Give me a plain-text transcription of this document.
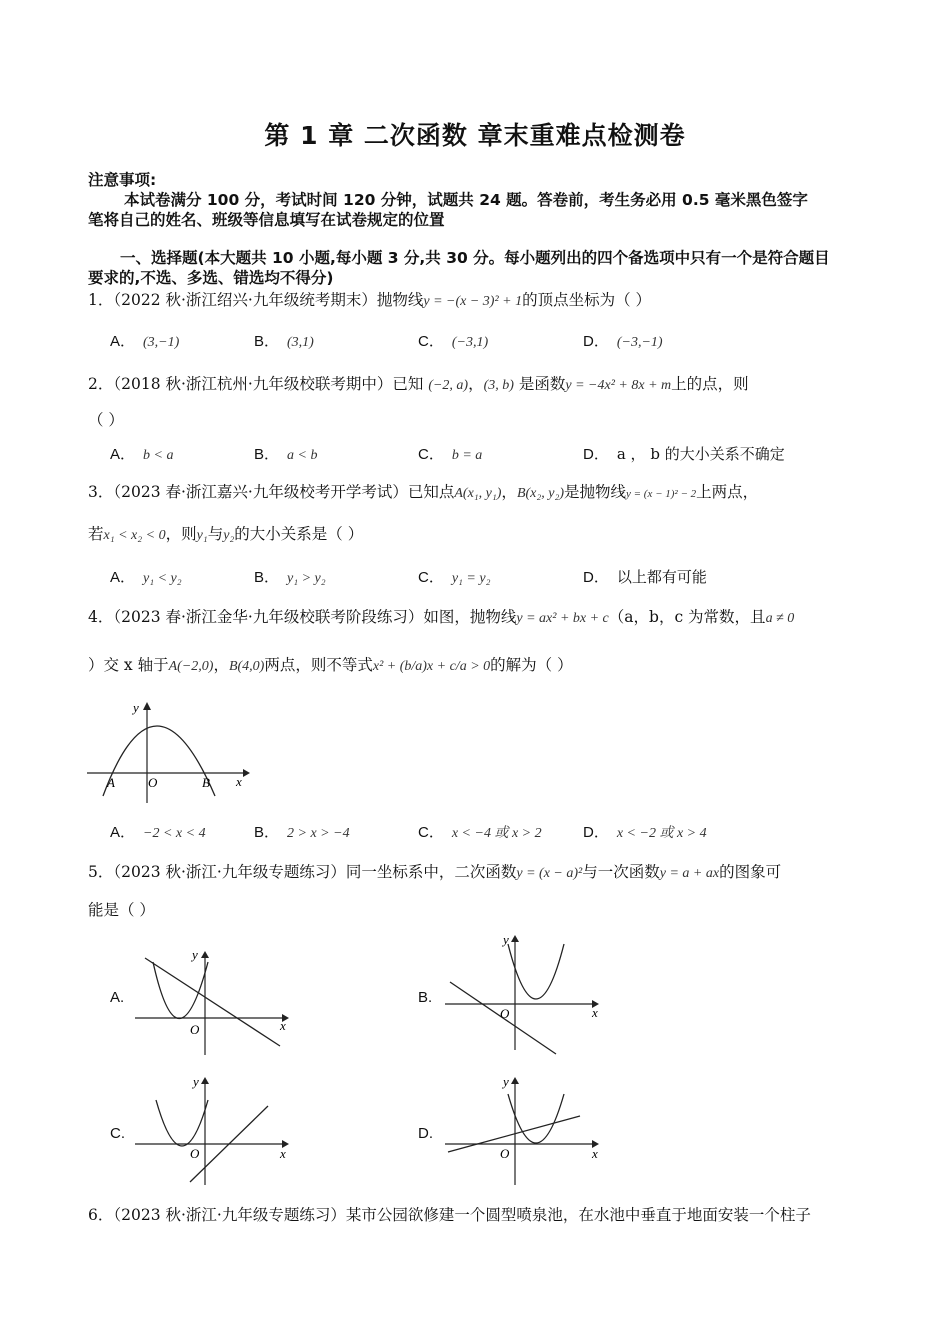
第 1 章 二次函数 章末重难点检测卷
注意事项:
本试卷满分 100 分，考试时间 120 分钟，试题共 24 题。答卷前，考生务必用 0.5 毫米黑色签字
笔将自己的姓名、班级等信息填写在试卷规定的位置
一、选择题(本大题共 10 小题,每小题 3 分,共 30 分。每小题列出的四个备选项中只有一个是符合题目
要求的,不选、多选、错选均不得分)
1．（2022 秋·浙江绍兴·九年级统考期末）抛物线y = −(x − 3)² + 1的顶点坐标为（ ）
A． (3,−1)	B． (3,1)	C． (−3,1)	D． (−3,−1)
2．（2018 秋·浙江杭州·九年级校联考期中）已知 (−2, a)，(3, b) 是函数y = −4x² + 8x + m上的点，则
（ ）
A． b < a	B． a < b	C． b = a	D． a ， b 的大小关系不确定
3．（2023 春·浙江嘉兴·九年级校考开学考试）已知点A(x₁, y₁)，B(x₂, y₂)是抛物线y = (x − 1)² − 2上两点，
若x₁ < x₂ < 0，则y₁与y₂的大小关系是（ ）
A． y₁ < y₂	B． y₁ > y₂	C． y₁ = y₂	D． 以上都有可能
4．（2023 春·浙江金华·九年级校联考阶段练习）如图，抛物线y = ax² + bx + c（a，b，c 为常数，且a ≠ 0
）交 x 轴于A(−2,0)，B(4,0)两点，则不等式x² + (b/a)x + c/a > 0的解为（ ）
y
x
O
A	B
A． −2 < x < 4	B． 2 > x > −4	C． x < −4 或 x > 2	D． x < −2 或 x > 4
5．（2023 秋·浙江·九年级专题练习）同一坐标系中，二次函数y = (x − a)²与一次函数y = a + ax的图象可
能是（ ）
A.
y
x
O
B.
y
x
O
C.
y
x
O
D.
y
x
O
6．（2023 秋·浙江·九年级专题练习）某市公园欲修建一个圆型喷泉池，在水池中垂直于地面安装一个柱子
